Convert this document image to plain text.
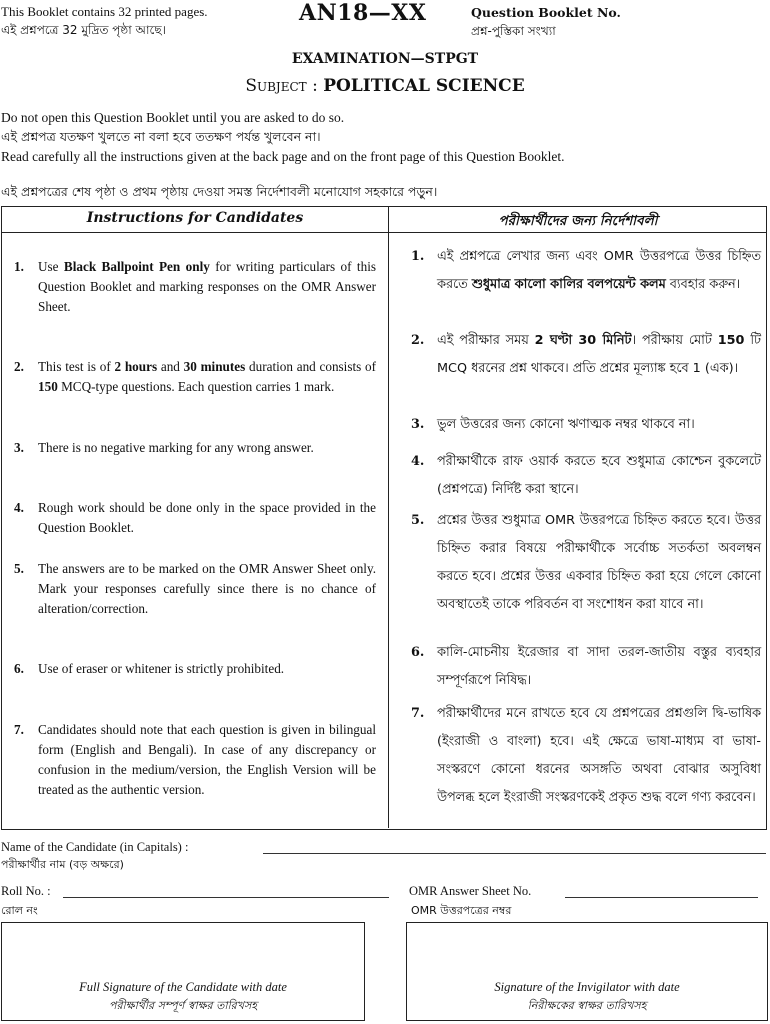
This Booklet contains 32 printed pages.
এই প্রশ্নপত্রে 32 মুদ্রিত পৃষ্ঠা আছে।
AN18—XX	Question Booklet No.
প্রশ্ন-পুস্তিকা সংখ্যা
EXAMINATION—STPGT
Subject : POLITICAL SCIENCE
Do not open this Question Booklet until you are asked to do so.
এই প্রশ্নপত্র যতক্ষণ খুলতে না বলা হবে ততক্ষণ পর্যন্ত খুলবেন না।
Read carefully all the instructions given at the back page and on the front page of this Question Booklet.
এই প্রশ্নপত্রের শেষ পৃষ্ঠা ও প্রথম পৃষ্ঠায় দেওয়া সমস্ত নির্দেশাবলী মনোযোগ সহকারে পড়ুন।
Instructions for Candidates	পরীক্ষার্থীদের জন্য নির্দেশাবলী
1. Use Black Ballpoint Pen only for writing particulars of this Question Booklet and marking responses on the OMR Answer Sheet.
2. This test is of 2 hours and 30 minutes duration and consists of 150 MCQ-type questions. Each question carries 1 mark.
3. There is no negative marking for any wrong answer.
4. Rough work should be done only in the space provided in the Question Booklet.
5. The answers are to be marked on the OMR Answer Sheet only. Mark your responses carefully since there is no chance of alteration/correction.
6. Use of eraser or whitener is strictly prohibited.
7. Candidates should note that each question is given in bilingual form (English and Bengali). In case of any discrepancy or confusion in the medium/version, the English Version will be treated as the authentic version.
1. এই প্রশ্নপত্রে লেখার জন্য এবং OMR উত্তরপত্রে উত্তর চিহ্নিত করতে শুধুমাত্র কালো কালির বলপয়েন্ট কলম ব্যবহার করুন।
2. এই পরীক্ষার সময় 2 ঘণ্টা 30 মিনিট। পরীক্ষায় মোট 150 টি MCQ ধরনের প্রশ্ন থাকবে। প্রতি প্রশ্নের মূল্যাঙ্ক হবে 1 (এক)।
3. ভুল উত্তরের জন্য কোনো ঋণাত্মক নম্বর থাকবে না।
4. পরীক্ষার্থীকে রাফ ওয়ার্ক করতে হবে শুধুমাত্র কোশ্চেন বুকলেটে (প্রশ্নপত্রে) নির্দিষ্ট করা স্থানে।
5. প্রশ্নের উত্তর শুধুমাত্র OMR উত্তরপত্রে চিহ্নিত করতে হবে। উত্তর চিহ্নিত করার বিষয়ে পরীক্ষার্থীকে সর্বোচ্চ সতর্কতা অবলম্বন করতে হবে। প্রশ্নের উত্তর একবার চিহ্নিত করা হয়ে গেলে কোনো অবস্থাতেই তাকে পরিবর্তন বা সংশোধন করা যাবে না।
6. কালি-মোচনীয় ইরেজার বা সাদা তরল-জাতীয় বস্তুর ব্যবহার সম্পূর্ণরূপে নিষিদ্ধ।
7. পরীক্ষার্থীদের মনে রাখতে হবে যে প্রশ্নপত্রের প্রশ্নগুলি দ্বি-ভাষিক (ইংরাজী ও বাংলা) হবে। এই ক্ষেত্রে ভাষা-মাধ্যম বা ভাষা-সংস্করণে কোনো ধরনের অসঙ্গতি অথবা বোঝার অসুবিধা উপলব্ধ হলে ইংরাজী সংস্করণকেই প্রকৃত শুদ্ধ বলে গণ্য করবেন।
Name of the Candidate (in Capitals) :
পরীক্ষার্থীর নাম (বড় অক্ষরে)
Roll No. :
রোল নং
OMR Answer Sheet No.
OMR উত্তরপত্রের নম্বর
Full Signature of the Candidate with date
পরীক্ষার্থীর সম্পূর্ণ স্বাক্ষর তারিখসহ
Signature of the Invigilator with date
নিরীক্ষকের স্বাক্ষর তারিখসহ
